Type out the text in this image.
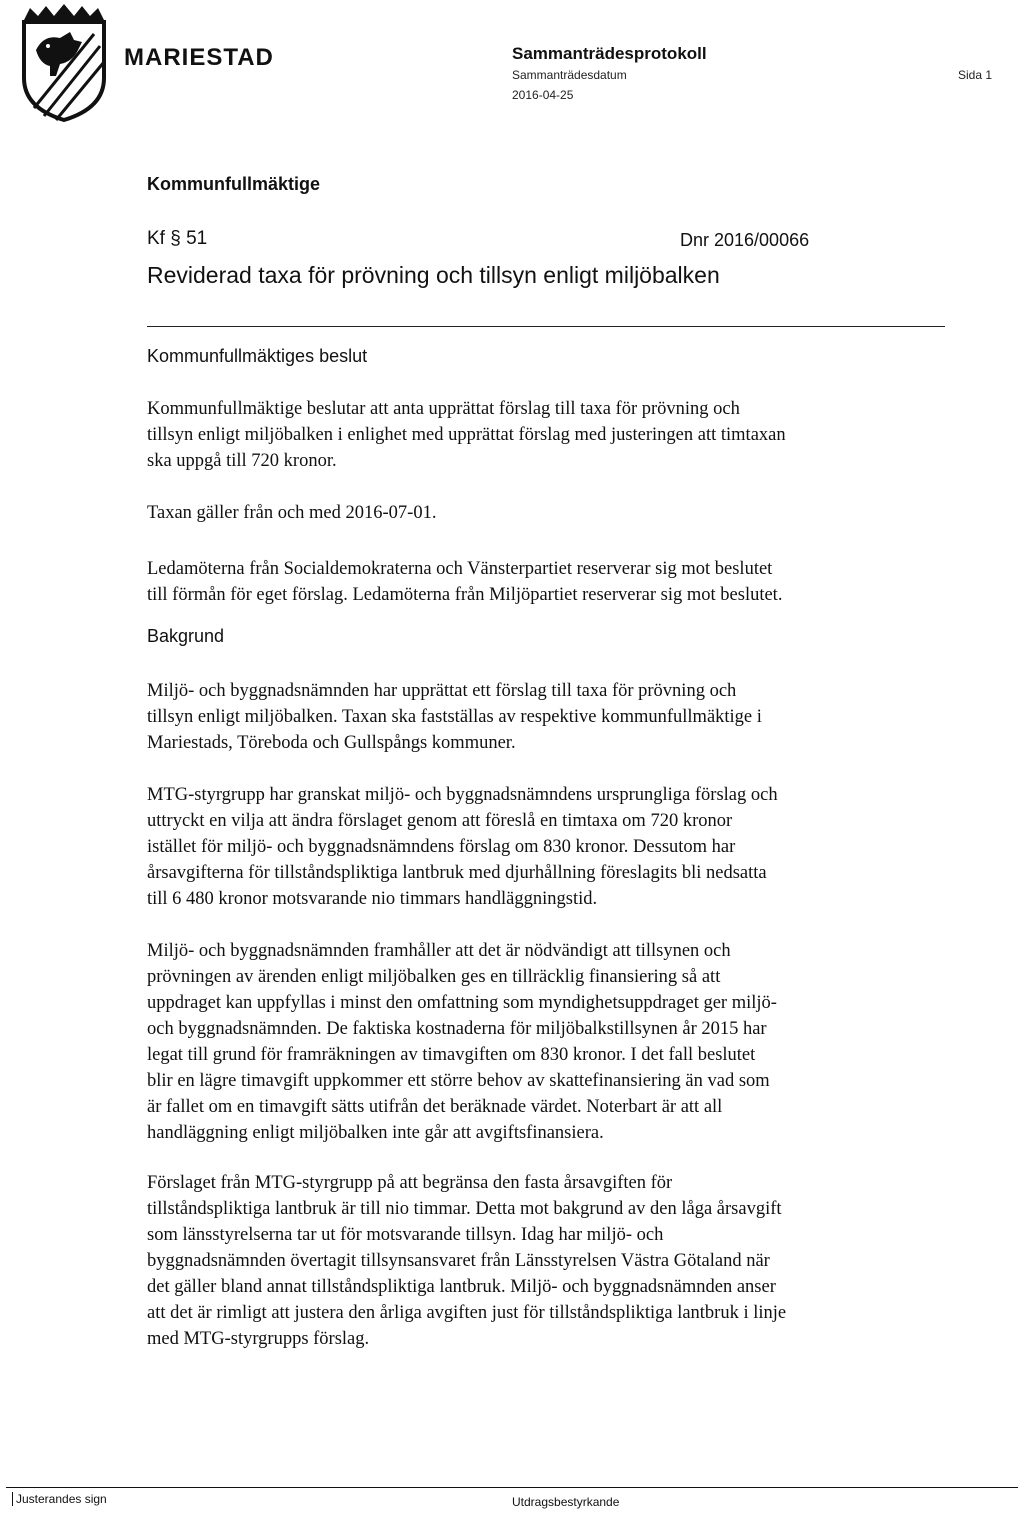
MARIESTAD	Sammanträdesprotokoll
Sammanträdesdatum
2016-04-25
Sida 1
Kommunfullmäktige
Kf § 51	Dnr 2016/00066
Reviderad taxa för prövning och tillsyn enligt miljöbalken
Kommunfullmäktiges beslut
Kommunfullmäktige beslutar att anta upprättat förslag till taxa för prövning och
tillsyn enligt miljöbalken i enlighet med upprättat förslag med justeringen att timtaxan
ska uppgå till 720 kronor.
Taxan gäller från och med 2016-07-01.
Ledamöterna från Socialdemokraterna och Vänsterpartiet reserverar sig mot beslutet
till förmån för eget förslag. Ledamöterna från Miljöpartiet reserverar sig mot beslutet.
Bakgrund
Miljö- och byggnadsnämnden har upprättat ett förslag till taxa för prövning och
tillsyn enligt miljöbalken. Taxan ska fastställas av respektive kommunfullmäktige i
Mariestads, Töreboda och Gullspångs kommuner.
MTG-styrgrupp har granskat miljö- och byggnadsnämndens ursprungliga förslag och
uttryckt en vilja att ändra förslaget genom att föreslå en timtaxa om 720 kronor
istället för miljö- och byggnadsnämndens förslag om 830 kronor. Dessutom har
årsavgifterna för tillståndspliktiga lantbruk med djurhållning föreslagits bli nedsatta
till 6 480 kronor motsvarande nio timmars handläggningstid.
Miljö- och byggnadsnämnden framhåller att det är nödvändigt att tillsynen och
prövningen av ärenden enligt miljöbalken ges en tillräcklig finansiering så att
uppdraget kan uppfyllas i minst den omfattning som myndighetsuppdraget ger miljö-
och byggnadsnämnden. De faktiska kostnaderna för miljöbalkstillsynen år 2015 har
legat till grund för framräkningen av timavgiften om 830 kronor. I det fall beslutet
blir en lägre timavgift uppkommer ett större behov av skattefinansiering än vad som
är fallet om en timavgift sätts utifrån det beräknade värdet. Noterbart är att all
handläggning enligt miljöbalken inte går att avgiftsfinansiera.
Förslaget från MTG-styrgrupp på att begränsa den fasta årsavgiften för
tillståndspliktiga lantbruk är till nio timmar. Detta mot bakgrund av den låga årsavgift
som länsstyrelserna tar ut för motsvarande tillsyn. Idag har miljö- och
byggnadsnämnden övertagit tillsynsansvaret från Länsstyrelsen Västra Götaland när
det gäller bland annat tillståndspliktiga lantbruk. Miljö- och byggnadsnämnden anser
att det är rimligt att justera den årliga avgiften just för tillståndspliktiga lantbruk i linje
med MTG-styrgrupps förslag.
Justerandes sign	Utdragsbestyrkande
